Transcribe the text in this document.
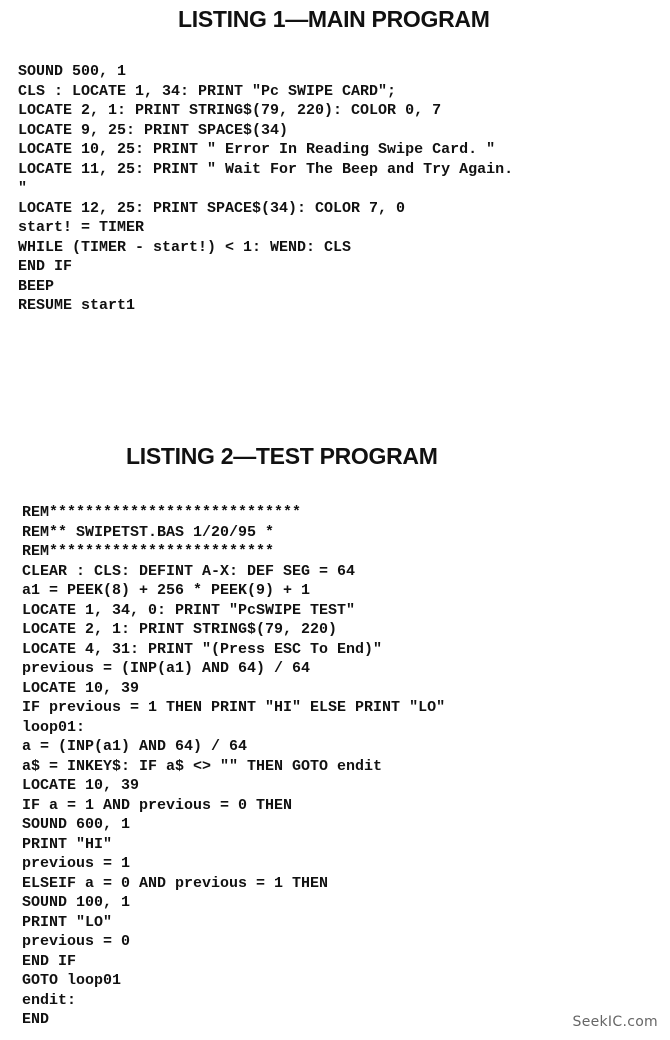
LISTING 1—MAIN PROGRAM
SOUND 500, 1
CLS : LOCATE 1, 34: PRINT "Pc SWIPE CARD";
LOCATE 2, 1: PRINT STRING$(79, 220): COLOR 0, 7
LOCATE 9, 25: PRINT SPACE$(34)
LOCATE 10, 25: PRINT " Error In Reading Swipe Card. "
LOCATE 11, 25: PRINT " Wait For The Beep and Try Again.
"
LOCATE 12, 25: PRINT SPACE$(34): COLOR 7, 0
start! = TIMER
WHILE (TIMER - start!) < 1: WEND: CLS
END IF
BEEP
RESUME start1
LISTING 2—TEST PROGRAM
REM****************************
REM** SWIPETST.BAS 1/20/95 *
REM*************************
CLEAR : CLS: DEFINT A-X: DEF SEG = 64
a1 = PEEK(8) + 256 * PEEK(9) + 1
LOCATE 1, 34, 0: PRINT "PcSWIPE TEST"
LOCATE 2, 1: PRINT STRING$(79, 220)
LOCATE 4, 31: PRINT "(Press ESC To End)"
previous = (INP(a1) AND 64) / 64
LOCATE 10, 39
IF previous = 1 THEN PRINT "HI" ELSE PRINT "LO"
loop01:
a = (INP(a1) AND 64) / 64
a$ = INKEY$: IF a$ <> "" THEN GOTO endit
LOCATE 10, 39
IF a = 1 AND previous = 0 THEN
SOUND 600, 1
PRINT "HI"
previous = 1
ELSEIF a = 0 AND previous = 1 THEN
SOUND 100, 1
PRINT "LO"
previous = 0
END IF
GOTO loop01
endit:
END	SeekIC.com
